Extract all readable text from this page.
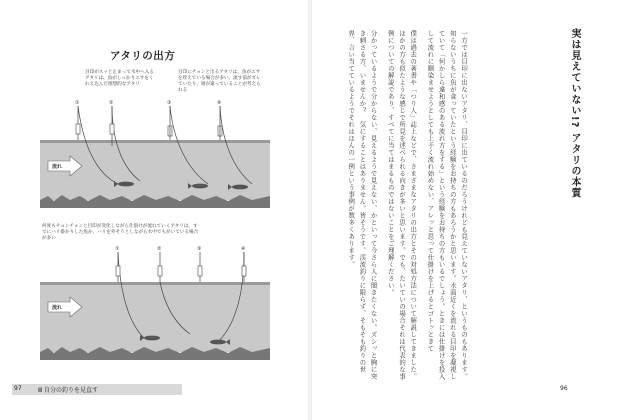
アタリの出方
①	②	③	④
目印がスッと止まって水中へ入るアタリは、魚がしっかりエサをくわえ込んだ理想的なアタリ
目印にチョンと出るアタリは、魚がエサを咥えている場合が多い。流す前がズレていたり、層が違っていることが考えられる
流れ
①	②	③	④
何度もチョンチョンと目印が変化しながら仕掛けが流れていくアタリは、すでにハリ掛かりした魚か、ハリを外そうとしながら水中でもがいている場合が多い
流れ
97	Ⅲ 自分の釣りを見直す
実は見えていない!? アタリの本質

一方では目印に出ないアタリ、目印に出ているのだろうけれども見えていないアタリ、というものもあります。知らないうちに魚が食っていたという経験をお持ちの方もあろうかと思います。水面近くを流れる目印を凝視していて「何かしら違和感のある流れ方をする」という経験をお持ちの方もいるでしょう。ときには仕掛けを投入して流れに馴染ませようとしても上手く流れ始めない、アレッと思って仕掛けを上げるとゴトッときて

僕は過去の著書や「つり人」誌上などで、さまざまなアタリの出方とその対処方法について解説してきました。ほかの方も似たような感じで所見を述べられる向きが多いと思います。でも、たいていの場合それは代表的な事例についての解説であり、すべてに当てはまるものではないことをご理解ください。

分かっているようで分からない、見えるようで見えない、かといって今さら人に聞きたくない。ズシッと胸に突き刺さる方、いませんか？　気にすることはありません。皆そうです。渓流釣りに限らず、そもそも釣りの世界、言い当てているようでそれはほんの一例という事例が数多くあります。

96
